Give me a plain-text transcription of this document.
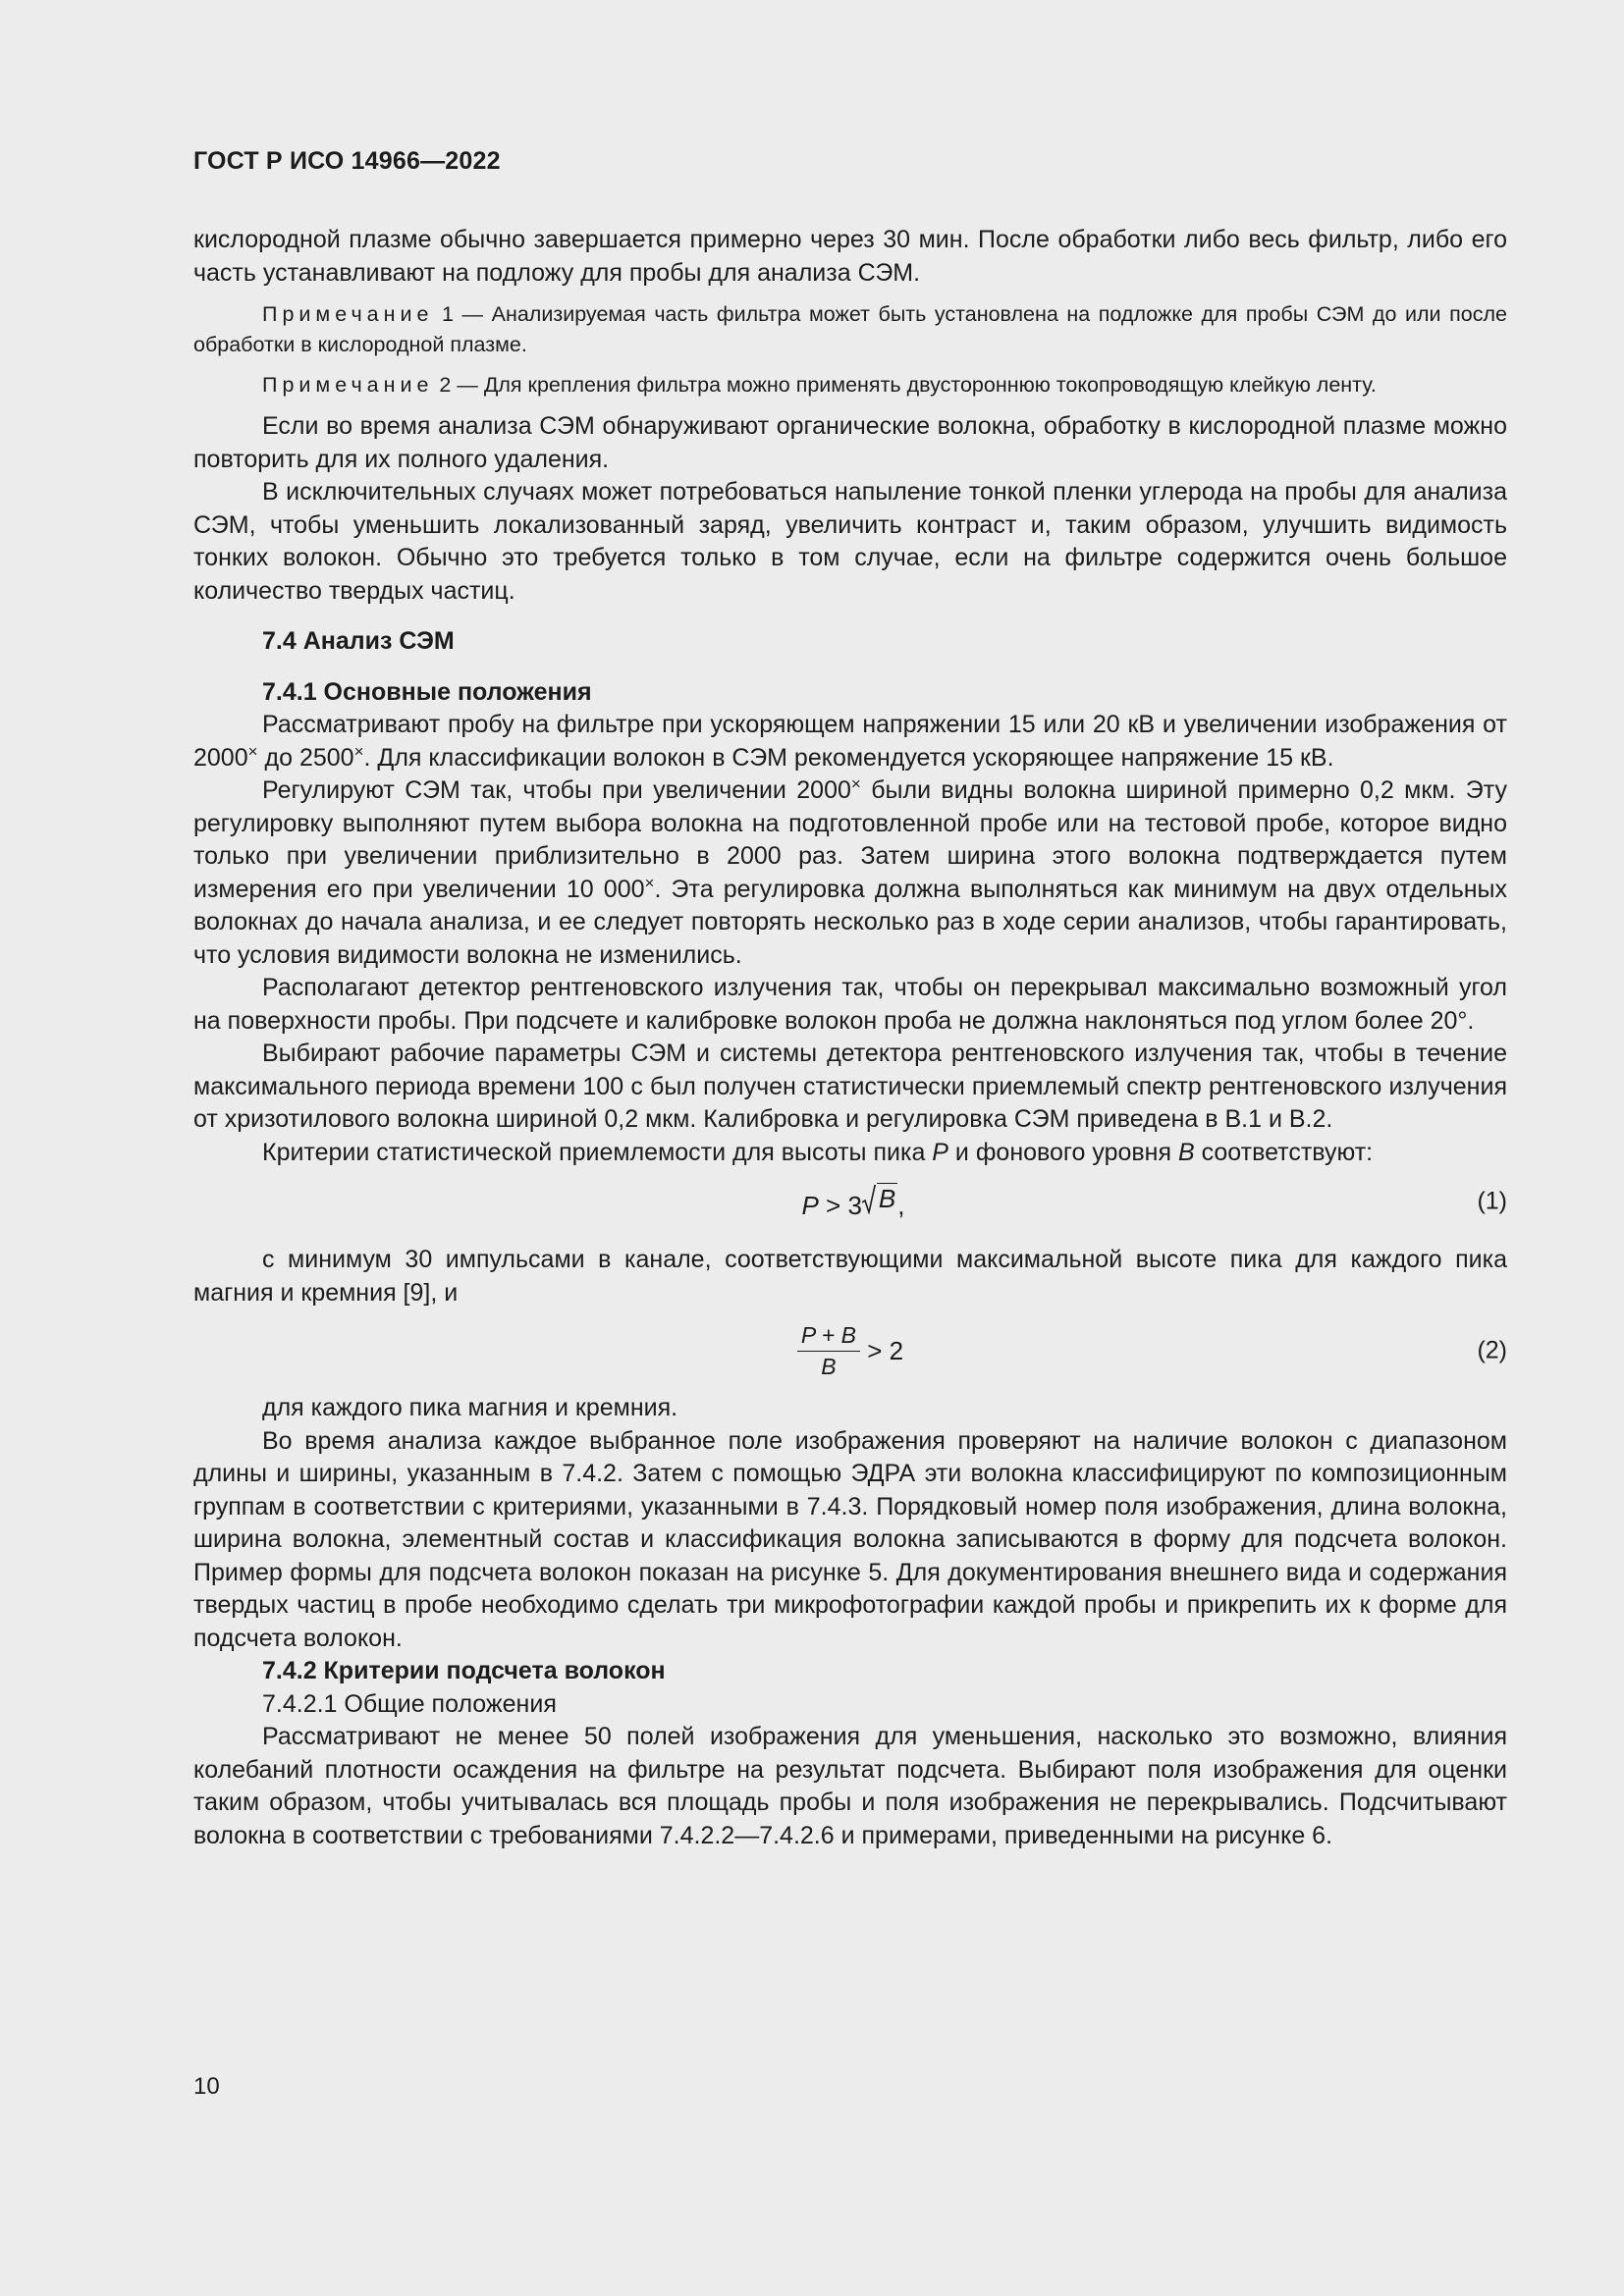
ГОСТ Р ИСО 14966—2022

кислородной плазме обычно завершается примерно через 30 мин. После обработки либо весь фильтр, либо его часть устанавливают на подложу для пробы для анализа СЭМ.

Примечание 1 — Анализируемая часть фильтра может быть установлена на подложке для пробы СЭМ до или после обработки в кислородной плазме.

Примечание 2 — Для крепления фильтра можно применять двустороннюю токопроводящую клейкую ленту.

Если во время анализа СЭМ обнаруживают органические волокна, обработку в кислородной плазме можно повторить для их полного удаления.

В исключительных случаях может потребоваться напыление тонкой пленки углерода на пробы для анализа СЭМ, чтобы уменьшить локализованный заряд, увеличить контраст и, таким образом, улучшить видимость тонких волокон. Обычно это требуется только в том случае, если на фильтре содержится очень большое количество твердых частиц.

7.4 Анализ СЭМ
7.4.1 Основные положения

Рассматривают пробу на фильтре при ускоряющем напряжении 15 или 20 кВ и увеличении изображения от 2000× до 2500×. Для классификации волокон в СЭМ рекомендуется ускоряющее напряжение 15 кВ.

Регулируют СЭМ так, чтобы при увеличении 2000× были видны волокна шириной примерно 0,2 мкм. Эту регулировку выполняют путем выбора волокна на подготовленной пробе или на тестовой пробе, которое видно только при увеличении приблизительно в 2000 раз. Затем ширина этого волокна подтверждается путем измерения его при увеличении 10 000×. Эта регулировка должна выполняться как минимум на двух отдельных волокнах до начала анализа, и ее следует повторять несколько раз в ходе серии анализов, чтобы гарантировать, что условия видимости волокна не изменились.

Располагают детектор рентгеновского излучения так, чтобы он перекрывал максимально возможный угол на поверхности пробы. При подсчете и калибровке волокон проба не должна наклоняться под углом более 20°.

Выбирают рабочие параметры СЭМ и системы детектора рентгеновского излучения так, чтобы в течение максимального периода времени 100 с был получен статистически приемлемый спектр рентгеновского излучения от хризотилового волокна шириной 0,2 мкм. Калибровка и регулировка СЭМ приведена в В.1 и В.2.

Критерии статистической приемлемости для высоты пика P и фонового уровня B соответствуют:

P > 3 B ,	(1)

с минимум 30 импульсами в канале, соответствующими максимальной высоте пика для каждого пика магния и кремния [9], и

$\frac{P + B}{B} > 2$	(2)

для каждого пика магния и кремния.

Во время анализа каждое выбранное поле изображения проверяют на наличие волокон с диапазоном длины и ширины, указанным в 7.4.2. Затем с помощью ЭДРА эти волокна классифицируют по композиционным группам в соответствии с критериями, указанными в 7.4.3. Порядковый номер поля изображения, длина волокна, ширина волокна, элементный состав и классификация волокна записываются в форму для подсчета волокон. Пример формы для подсчета волокон показан на рисунке 5. Для документирования внешнего вида и содержания твердых частиц в пробе необходимо сделать три микрофотографии каждой пробы и прикрепить их к форме для подсчета волокон.

7.4.2 Критерии подсчета волокон
7.4.2.1 Общие положения

Рассматривают не менее 50 полей изображения для уменьшения, насколько это возможно, влияния колебаний плотности осаждения на фильтре на результат подсчета. Выбирают поля изображения для оценки таким образом, чтобы учитывалась вся площадь пробы и поля изображения не перекрывались. Подсчитывают волокна в соответствии с требованиями 7.4.2.2—7.4.2.6 и примерами, приведенными на рисунке 6.

10
